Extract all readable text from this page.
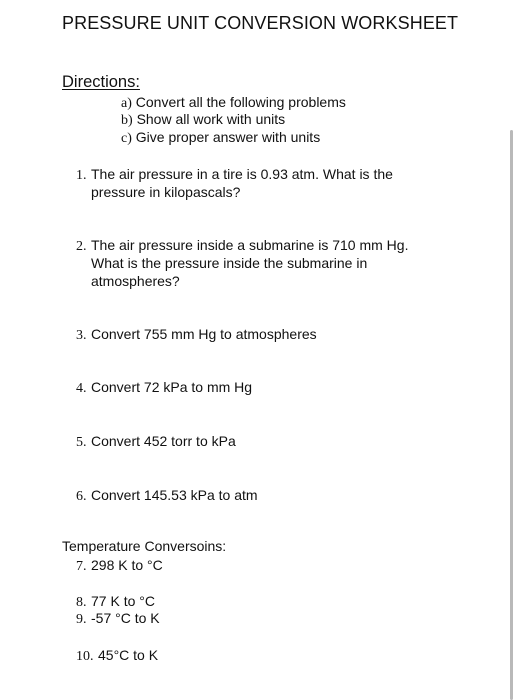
PRESSURE UNIT CONVERSION WORKSHEET
Directions:
a) Convert all the following problems
b) Show all work with units
c) Give proper answer with units
1. The air pressure in a tire is 0.93 atm. What is the
pressure in kilopascals?
2. The air pressure inside a submarine is 710 mm Hg.
What is the pressure inside the submarine in
atmospheres?
3. Convert 755 mm Hg to atmospheres
4. Convert 72 kPa to mm Hg
5. Convert 452 torr to kPa
6. Convert 145.53 kPa to atm
Temperature Conversoins:
7. 298 K to °C
8. 77 K to °C
9. -57 °C to K
10. 45°C to K
